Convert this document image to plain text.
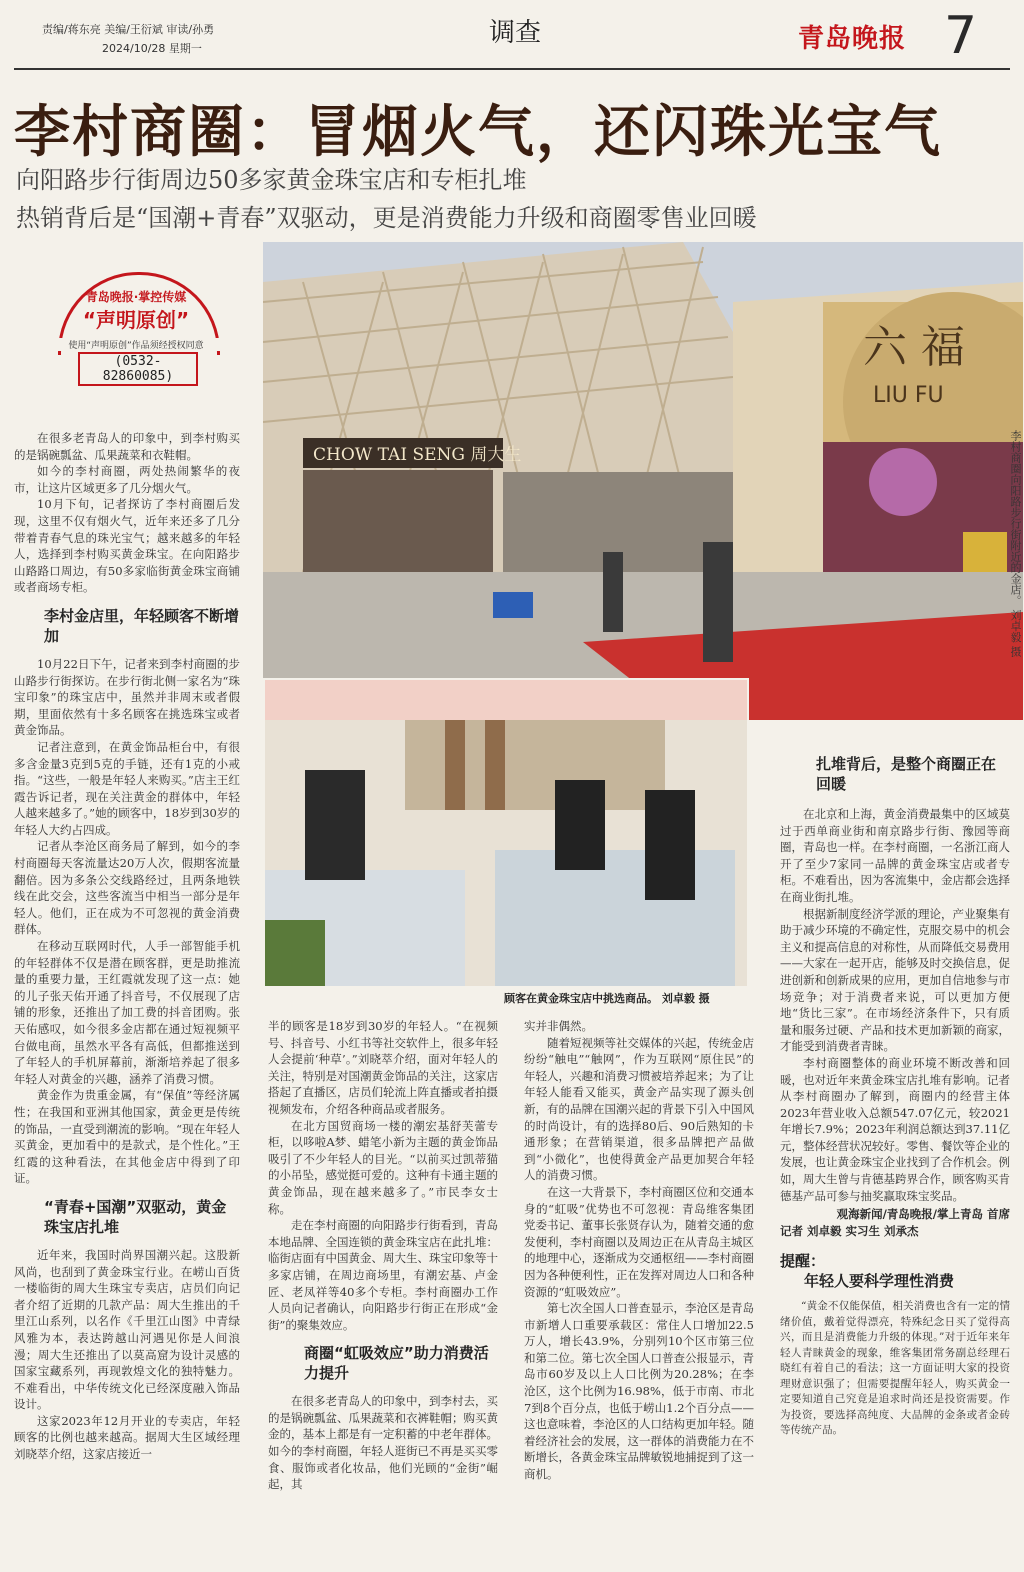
责编/蒋东亮 美编/王衍斌 审读/孙勇
2024/10/28 星期一
调查	青岛晚报 7
李村商圈：冒烟火气，还闪珠光宝气
向阳路步行街周边50多家黄金珠宝店和专柜扎堆
热销背后是“国潮+青春”双驱动，更是消费能力升级和商圈零售业回暖
青岛晚报·掌控传媒
“声明原创”
使用“声明原创”作品须经授权同意
(0532-82860085)
CHOW TAI SENG 周大生
六 福
LIU FU
李村商圈向阳路步行街附近的金店。 刘卓毅 摄
顾客在黄金珠宝店中挑选商品。 刘卓毅 摄

在很多老青岛人的印象中，到李村购买的是锅碗瓢盆、瓜果蔬菜和衣鞋帽。

如今的李村商圈，两处热闹繁华的夜市，让这片区域更多了几分烟火气。

10月下旬，记者探访了李村商圈后发现，这里不仅有烟火气，近年来还多了几分带着青春气息的珠光宝气；越来越多的年轻人，选择到李村购买黄金珠宝。在向阳路步山路路口周边，有50多家临街黄金珠宝商铺或者商场专柜。

李村金店里，年轻顾客不断增加

10月22日下午，记者来到李村商圈的步山路步行街探访。在步行街北侧一家名为“珠宝印象”的珠宝店中，虽然并非周末或者假期，里面依然有十多名顾客在挑选珠宝或者黄金饰品。

记者注意到，在黄金饰品柜台中，有很多含金量3克到5克的手链，还有1克的小戒指。“这些，一般是年轻人来购买。”店主王红霞告诉记者，现在关注黄金的群体中，年轻人越来越多了。”她的顾客中，18岁到30岁的年轻人大约占四成。

记者从李沧区商务局了解到，如今的李村商圈每天客流量达20万人次，假期客流量翻倍。因为多条公交线路经过，且两条地铁线在此交会，这些客流当中相当一部分是年轻人。他们，正在成为不可忽视的黄金消费群体。

在移动互联网时代，人手一部智能手机的年轻群体不仅是潜在顾客群，更是助推流量的重要力量，王红霞就发现了这一点：她的儿子张天佑开通了抖音号，不仅展现了店铺的形象，还推出了加工费的抖音团购。张天佑感叹，如今很多金店都在通过短视频平台做电商，虽然水平各有高低，但都推送到了年轻人的手机屏幕前，渐渐培养起了很多年轻人对黄金的兴趣，涵养了消费习惯。

黄金作为贵重金属，有“保值”等经济属性；在我国和亚洲其他国家，黄金更是传统的饰品，一直受到潮流的影响。“现在年轻人买黄金，更加看中的是款式，是个性化。”王红霞的这种看法，在其他金店中得到了印证。

“青春+国潮”双驱动，黄金珠宝店扎堆

近年来，我国时尚界国潮兴起。这股新风尚，也刮到了黄金珠宝行业。在崂山百货一楼临街的周大生珠宝专卖店，店员们向记者介绍了近期的几款产品：周大生推出的千里江山系列，以名作《千里江山图》中青绿风雅为本，表达跨越山河遇见你是人间浪漫；周大生还推出了以莫高窟为设计灵感的国家宝藏系列，再现敦煌文化的独特魅力。不难看出，中华传统文化已经深度融入饰品设计。

这家2023年12月开业的专卖店，年轻顾客的比例也越来越高。据周大生区域经理刘晓萃介绍，这家店接近一

半的顾客是18岁到30岁的年轻人。“在视频号、抖音号、小红书等社交软件上，很多年轻人会提前‘种草’。”刘晓萃介绍，面对年轻人的关注，特别是对国潮黄金饰品的关注，这家店搭起了直播区，店员们轮流上阵直播或者拍摄视频发布，介绍各种商品或者服务。

在北方国贸商场一楼的潮宏基舒芙蕾专柜，以哆啦A梦、蜡笔小新为主题的黄金饰品吸引了不少年轻人的目光。“以前买过凯蒂猫的小吊坠，感觉挺可爱的。这种有卡通主题的黄金饰品，现在越来越多了。”市民李女士称。

走在李村商圈的向阳路步行街看到，青岛本地品牌、全国连锁的黄金珠宝店在此扎堆：临街店面有中国黄金、周大生、珠宝印象等十多家店铺，在周边商场里，有潮宏基、卢金匠、老凤祥等40多个专柜。李村商圈办工作人员向记者确认，向阳路步行街正在形成“金街”的聚集效应。

商圈“虹吸效应”助力消费活力提升

在很多老青岛人的印象中，到李村去，买的是锅碗瓢盆、瓜果蔬菜和衣裤鞋帽；购买黄金的，基本上都是有一定积蓄的中老年群体。如今的李村商圈，年轻人逛街已不再是买买零食、服饰或者化妆品，他们光顾的“金街”崛起，其

实并非偶然。

随着短视频等社交媒体的兴起，传统金店纷纷“触电”“触网”，作为互联网“原住民”的年轻人，兴趣和消费习惯被培养起来；为了让年轻人能看又能买，黄金产品实现了源头创新，有的品牌在国潮兴起的背景下引入中国风的时尚设计，有的选择80后、90后熟知的卡通形象；在营销渠道，很多品牌把产品做到“小微化”，也使得黄金产品更加契合年轻人的消费习惯。

在这一大背景下，李村商圈区位和交通本身的“虹吸”优势也不可忽视：青岛维客集团党委书记、董事长张贤存认为，随着交通的愈发便利，李村商圈以及周边正在从青岛主城区的地理中心，逐渐成为交通枢纽——李村商圈因为各种便利性，正在发挥对周边人口和各种资源的“虹吸效应”。

第七次全国人口普查显示，李沧区是青岛市新增人口重要承载区：常住人口增加22.5万人，增长43.9%，分别列10个区市第三位和第二位。第七次全国人口普查公报显示，青岛市60岁及以上人口比例为20.28%；在李沧区，这个比例为16.98%，低于市南、市北7到8个百分点，也低于崂山1.2个百分点——这也意味着，李沧区的人口结构更加年轻。随着经济社会的发展，这一群体的消费能力在不断增长，各黄金珠宝品牌敏锐地捕捉到了这一商机。

扎堆背后，是整个商圈正在回暖

在北京和上海，黄金消费最集中的区域莫过于西单商业街和南京路步行街、豫园等商圈，青岛也一样。在李村商圈，一名浙江商人开了至少7家同一品牌的黄金珠宝店或者专柜。不难看出，因为客流集中，金店都会选择在商业街扎堆。

根据新制度经济学派的理论，产业聚集有助于减少环境的不确定性，克服交易中的机会主义和提高信息的对称性，从而降低交易费用——大家在一起开店，能够及时交换信息，促进创新和创新成果的应用，更加自信地参与市场竞争；对于消费者来说，可以更加方便地“货比三家”。在市场经济条件下，只有质量和服务过硬、产品和技术更加新颖的商家，才能受到消费者青睐。

李村商圈整体的商业环境不断改善和回暖，也对近年来黄金珠宝店扎堆有影响。记者从李村商圈办了解到，商圈内的经营主体2023年营业收入总额547.07亿元，较2021年增长7.9%；2023年利润总额达到37.11亿元，整体经营状况较好。零售、餐饮等企业的发展，也让黄金珠宝企业找到了合作机会。例如，周大生曾与肯德基跨界合作，顾客购买肯德基产品可参与抽奖赢取珠宝奖品。

观海新闻/青岛晚报/掌上青岛 首席
记者 刘卓毅 实习生 刘承杰
提醒：
年轻人要科学理性消费

“黄金不仅能保值，相关消费也含有一定的情绪价值，戴着觉得漂亮，特殊纪念日买了觉得高兴，而且是消费能力升级的体现。”对于近年来年轻人青睐黄金的现象，维客集团常务副总经理石晓红有着自己的看法；这一方面证明大家的投资理财意识强了；但需要提醒年轻人，购买黄金一定要知道自己究竟是追求时尚还是投资需要。作为投资，要选择高纯度、大品牌的金条或者金砖等传统产品。
